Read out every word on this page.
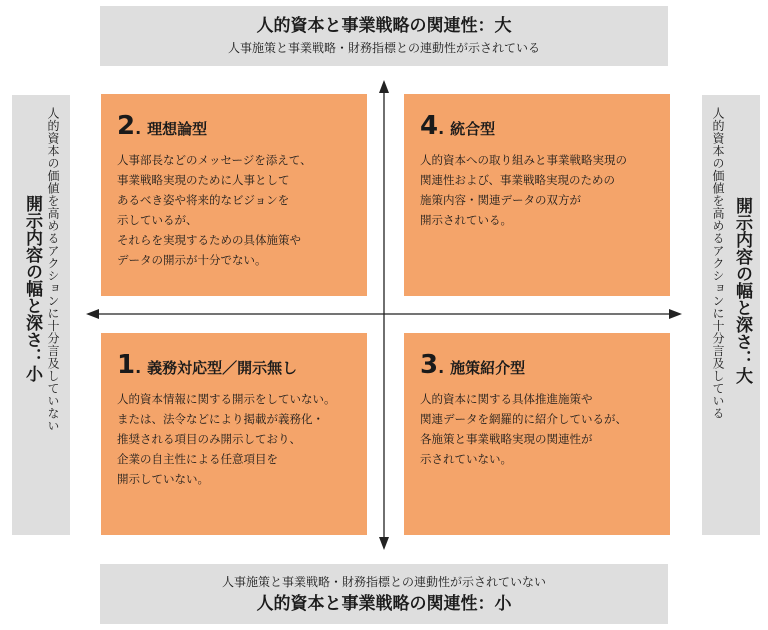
人的資本と事業戦略の関連性：大
人事施策と事業戦略・財務指標との連動性が示されている
人事施策と事業戦略・財務指標との連動性が示されていない
人的資本と事業戦略の関連性：小
人的資本の価値を高めるアクションに十分言及していない
開示内容の幅と深さ：小	人的資本の価値を高めるアクションに十分言及している 開示内容の幅と深さ：大
2 . 理想論型
人事部長などのメッセージを添えて、
事業戦略実現のために人事として
あるべき姿や将来的なビジョンを
示しているが、
それらを実現するための具体施策や
データの開示が十分でない。
4 . 統合型
人的資本への取り組みと事業戦略実現の
関連性および、事業戦略実現のための
施策内容・関連データの双方が
開示されている。
1 . 義務対応型／開示無し
人的資本情報に関する開示をしていない。
または、法令などにより掲載が義務化・
推奨される項目のみ開示しており、
企業の自主性による任意項目を
開示していない。
3 . 施策紹介型
人的資本に関する具体推進施策や
関連データを網羅的に紹介しているが、
各施策と事業戦略実現の関連性が
示されていない。
